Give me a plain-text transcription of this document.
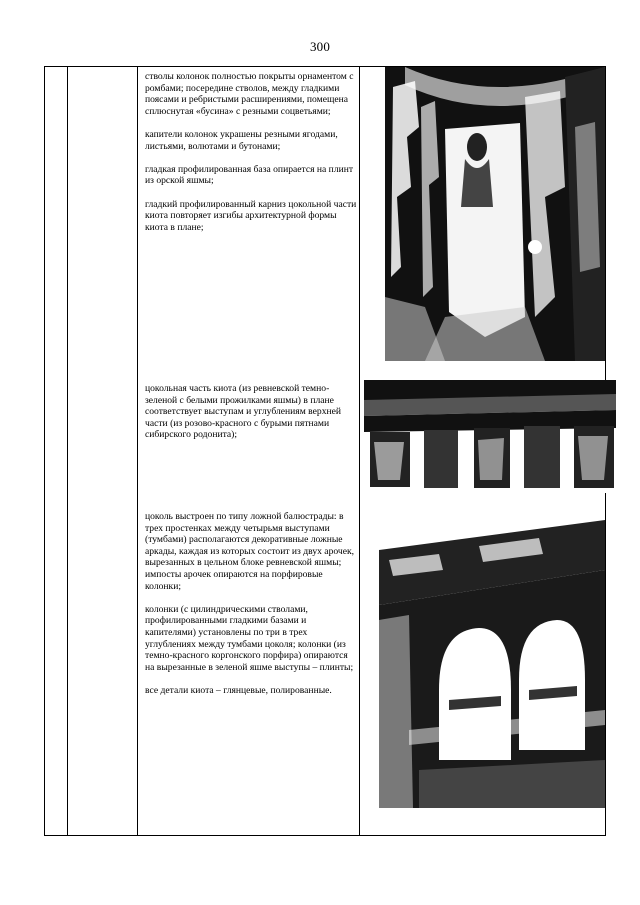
300

стволы колонок полностью покрыты орнаментом с ромбами; посередине стволов, между гладкими поясами и ребристыми расширениями, помещена сплюснутая «бусина» с резными соцветьями;

капители колонок украшены резными ягодами, листьями, волютами и бутонами;

гладкая профилированная база опирается на плинт из орской яшмы;

гладкий профилированный карниз цокольной части киота повторяет изгибы архитектурной формы киота в плане;

цокольная часть киота (из ревневской темно-зеленой с белыми прожилками яшмы) в плане соответствует выступам и углублениям верхней части (из розово-красного с бурыми пятнами сибирского родонита);

цоколь выстроен по типу ложной балюстрады: в трех простенках между четырьмя выступами (тумбами) располагаются декоративные ложные аркады, каждая из которых состоит из двух арочек, вырезанных в цельном блоке ревневской яшмы; импосты арочек опираются на порфировые колонки;

колонки (с цилиндрическими стволами, профилированными гладкими базами и капителями) установлены по три в трех углублениях между тумбами цоколя; колонки (из темно-красного коргонского порфира) опираются на вырезанные в зеленой яшме выступы – плинты;

все детали киота – глянцевые, полированные.
